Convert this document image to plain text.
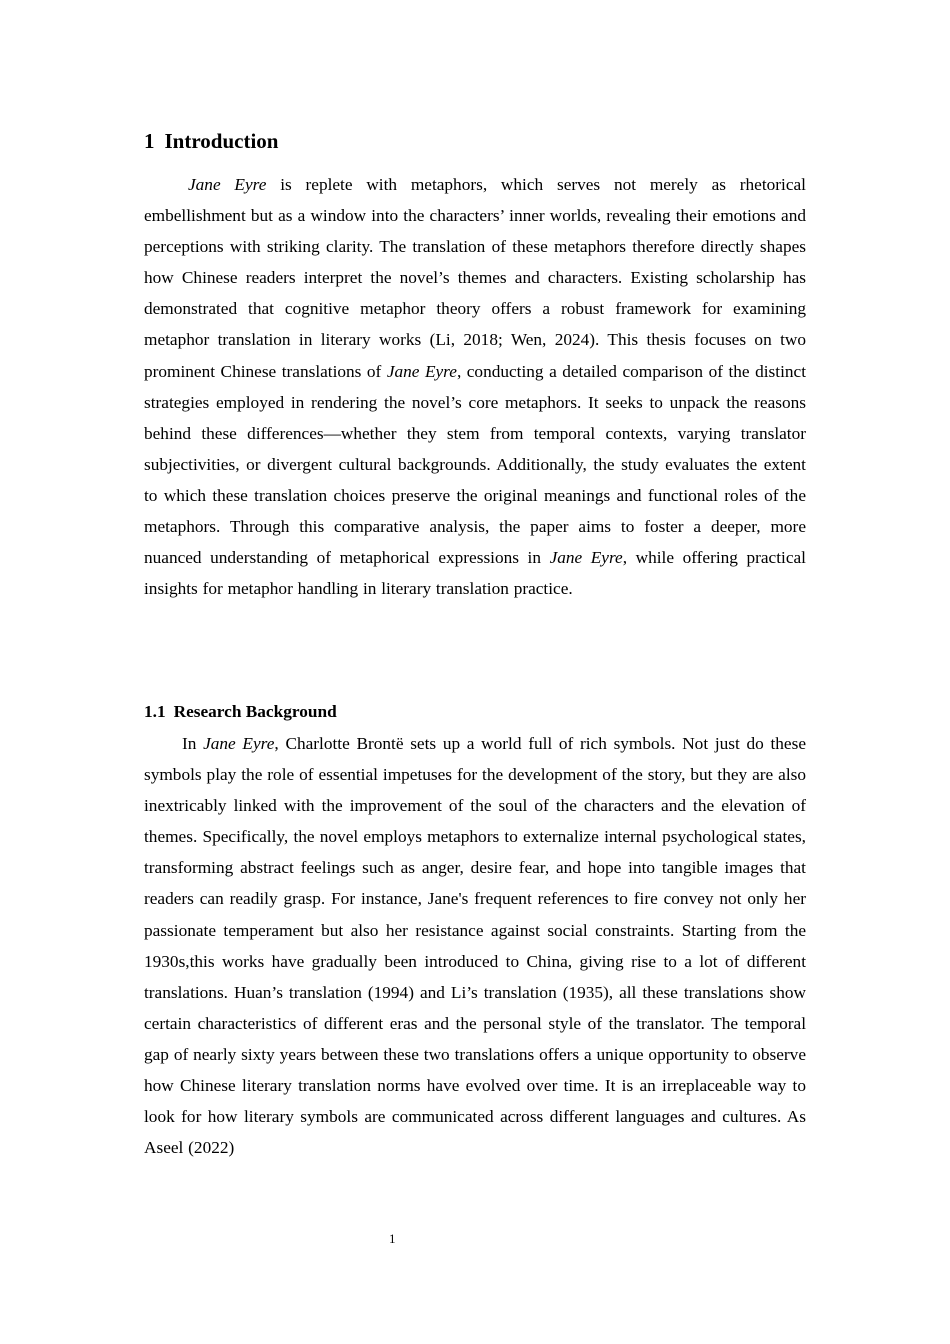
1 Introduction

Jane Eyre is replete with metaphors, which serves not merely as rhetorical embellishment but as a window into the characters’ inner worlds, revealing their emotions and perceptions with striking clarity. The translation of these metaphors therefore directly shapes how Chinese readers interpret the novel’s themes and characters. Existing scholarship has demonstrated that cognitive metaphor theory offers a robust framework for examining metaphor translation in literary works (Li, 2018; Wen, 2024). This thesis focuses on two prominent Chinese translations of Jane Eyre, conducting a detailed comparison of the distinct strategies employed in rendering the novel’s core metaphors. It seeks to unpack the reasons behind these differences—whether they stem from temporal contexts, varying translator subjectivities, or divergent cultural backgrounds. Additionally, the study evaluates the extent to which these translation choices preserve the original meanings and functional roles of the metaphors. Through this comparative analysis, the paper aims to foster a deeper, more nuanced understanding of metaphorical expressions in Jane Eyre, while offering practical insights for metaphor handling in literary translation practice.

1.1 Research Background

In Jane Eyre, Charlotte Brontë sets up a world full of rich symbols. Not just do these symbols play the role of essential impetuses for the development of the story, but they are also inextricably linked with the improvement of the soul of the characters and the elevation of themes. Specifically, the novel employs metaphors to externalize internal psychological states, transforming abstract feelings such as anger, desire fear, and hope into tangible images that readers can readily grasp. For instance, Jane's frequent references to fire convey not only her passionate temperament but also her resistance against social constraints. Starting from the 1930s,this works have gradually been introduced to China, giving rise to a lot of different translations. Huan’s translation (1994) and Li’s translation (1935), all these translations show certain characteristics of different eras and the personal style of the translator. The temporal gap of nearly sixty years between these two translations offers a unique opportunity to observe how Chinese literary translation norms have evolved over time. It is an irreplaceable way to look for how literary symbols are communicated across different languages and cultures. As Aseel (2022)

1
